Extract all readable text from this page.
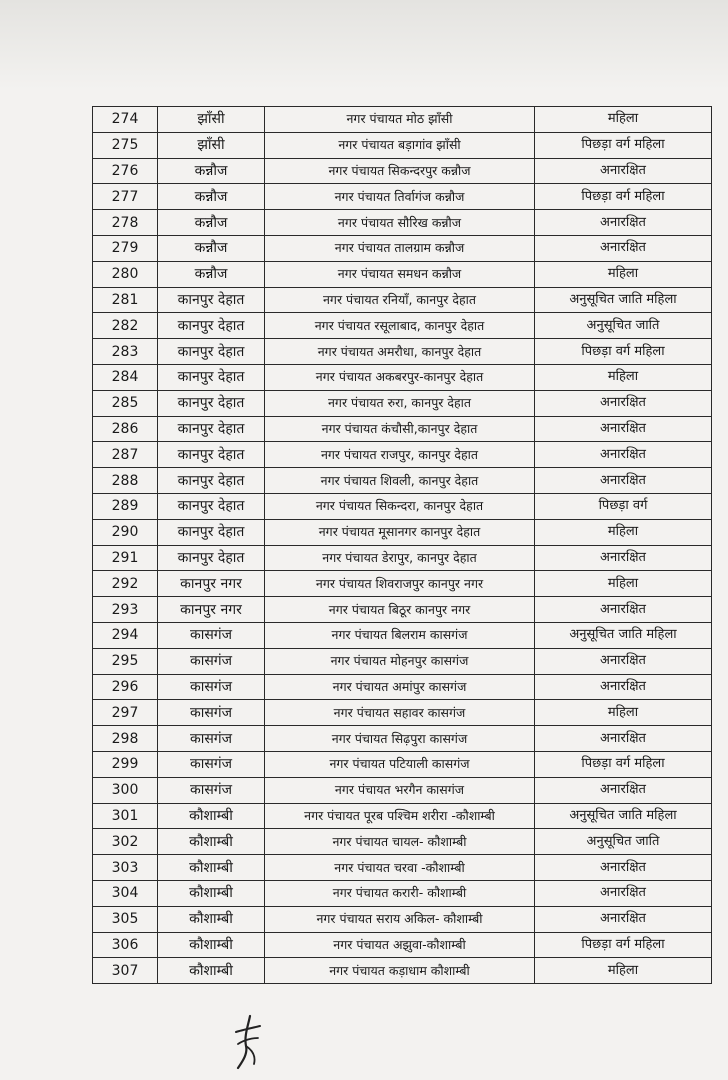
274	झाँसी	नगर पंचायत मोठ झाँसी	महिला
275	झाँसी	नगर पंचायत बड़ागांव झाँसी	पिछड़ा वर्ग महिला
276	कन्नौज	नगर पंचायत सिकन्दरपुर कन्नौज	अनारक्षित
277	कन्नौज	नगर पंचायत तिर्वागंज कन्नौज	पिछड़ा वर्ग महिला
278	कन्नौज	नगर पंचायत सौरिख कन्नौज	अनारक्षित
279	कन्नौज	नगर पंचायत तालग्राम कन्नौज	अनारक्षित
280	कन्नौज	नगर पंचायत समधन कन्नौज	महिला
281	कानपुर देहात	नगर पंचायत रनियाँ, कानपुर देहात	अनुसूचित जाति महिला
282	कानपुर देहात	नगर पंचायत रसूलाबाद, कानपुर देहात	अनुसूचित जाति
283	कानपुर देहात	नगर पंचायत अमरौधा, कानपुर देहात	पिछड़ा वर्ग महिला
284	कानपुर देहात	नगर पंचायत अकबरपुर-कानपुर देहात	महिला
285	कानपुर देहात	नगर पंचायत रुरा, कानपुर देहात	अनारक्षित
286	कानपुर देहात	नगर पंचायत कंचौसी,कानपुर देहात	अनारक्षित
287	कानपुर देहात	नगर पंचायत राजपुर, कानपुर देहात	अनारक्षित
288	कानपुर देहात	नगर पंचायत शिवली, कानपुर देहात	अनारक्षित
289	कानपुर देहात	नगर पंचायत सिकन्दरा, कानपुर देहात	पिछड़ा वर्ग
290	कानपुर देहात	नगर पंचायत मूसानगर कानपुर देहात	महिला
291	कानपुर देहात	नगर पंचायत डेरापुर, कानपुर देहात	अनारक्षित
292	कानपुर नगर	नगर पंचायत शिवराजपुर कानपुर नगर	महिला
293	कानपुर नगर	नगर पंचायत बिठूर कानपुर नगर	अनारक्षित
294	कासगंज	नगर पंचायत बिलराम कासगंज	अनुसूचित जाति महिला
295	कासगंज	नगर पंचायत मोहनपुर कासगंज	अनारक्षित
296	कासगंज	नगर पंचायत अमांपुर कासगंज	अनारक्षित
297	कासगंज	नगर पंचायत सहावर कासगंज	महिला
298	कासगंज	नगर पंचायत सिढ़पुरा कासगंज	अनारक्षित
299	कासगंज	नगर पंचायत पटियाली कासगंज	पिछड़ा वर्ग महिला
300	कासगंज	नगर पंचायत भरगैन कासगंज	अनारक्षित
301	कौशाम्बी	नगर पंचायत पूरब पश्चिम शरीरा -कौशाम्बी	अनुसूचित जाति महिला
302	कौशाम्बी	नगर पंचायत चायल- कौशाम्बी	अनुसूचित जाति
303	कौशाम्बी	नगर पंचायत चरवा -कौशाम्बी	अनारक्षित
304	कौशाम्बी	नगर पंचायत करारी- कौशाम्बी	अनारक्षित
305	कौशाम्बी	नगर पंचायत सराय अकिल- कौशाम्बी	अनारक्षित
306	कौशाम्बी	नगर पंचायत अझुवा-कौशाम्बी	पिछड़ा वर्ग महिला
307	कौशाम्बी	नगर पंचायत कड़ाधाम कौशाम्बी	महिला
